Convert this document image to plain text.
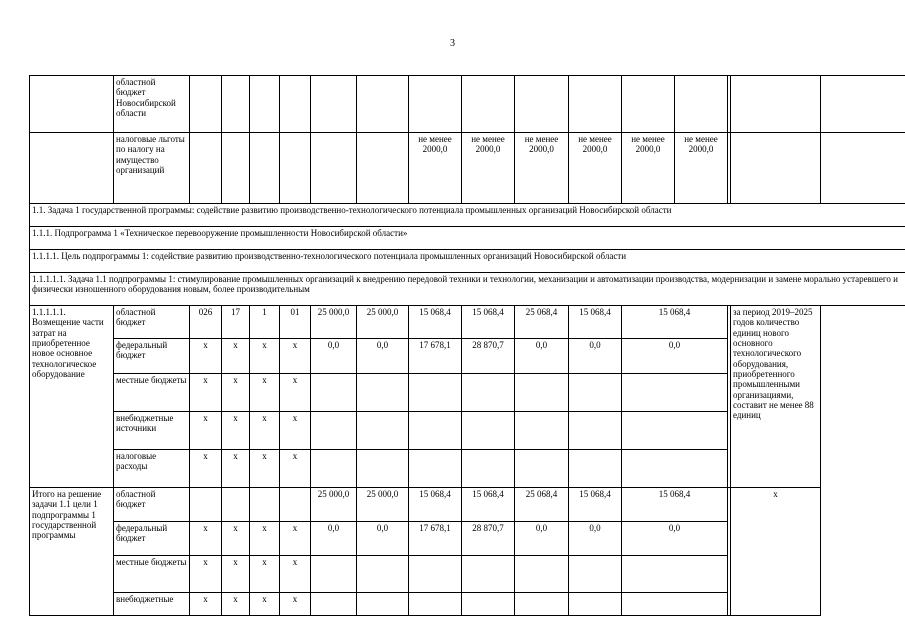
3
	областной бюджет Новосибирской области															
	налоговые льготы по налогу на имущество организаций							не менее 2000,0	не менее 2000,0	не менее 2000,0	не менее 2000,0	не менее 2000,0	не менее 2000,0			
1.1. Задача 1 государственной программы: содействие развитию производственно-технологического потенциала промышленных организаций Новосибирской области																
1.1.1. Подпрограмма 1 «Техническое перевооружение промышленности Новосибирской области»																
1.1.1.1. Цель подпрограммы 1: содействие развитию производственно-технологического потенциала промышленных организаций Новосибирской области																
1.1.1.1.1. Задача 1.1 подпрограммы 1: стимулирование промышленных организаций к внедрению передовой техники и технологии, механизации и автоматизации производства, модернизации и замене морально устаревшего и физически изношенного оборудования новым, более производительным																
1.1.1.1.1. Возмещение части затрат на приобретенное новое основное технологическое оборудование	областной бюджет	026	17	1	01	25 000,0	25 000,0	15 068,4	15 068,4	25 068,4	15 068,4	15 068,4			за период 2019–2025 годов количество единиц нового основного технологического оборудования, приобретенного промышленными организациями, составит не менее 88 единиц	
	федеральный бюджет	х	х	х	х	0,0	0,0	17 678,1	28 870,7	0,0	0,0	0,0				
	местные бюджеты	х	х	х	х											
	внебюджетные источники	х	х	х	х											
	налоговые расходы	х	х	х	х											
Итого на решение задачи 1.1 цели 1 подпрограммы 1 государственной программы	областной бюджет					25 000,0	25 000,0	15 068,4	15 068,4	25 068,4	15 068,4	15 068,4			х	
	федеральный бюджет	х	х	х	х	0,0	0,0	17 678,1	28 870,7	0,0	0,0	0,0				
	местные бюджеты	х	х	х	х											
	внебюджетные	х	х	х	х											
